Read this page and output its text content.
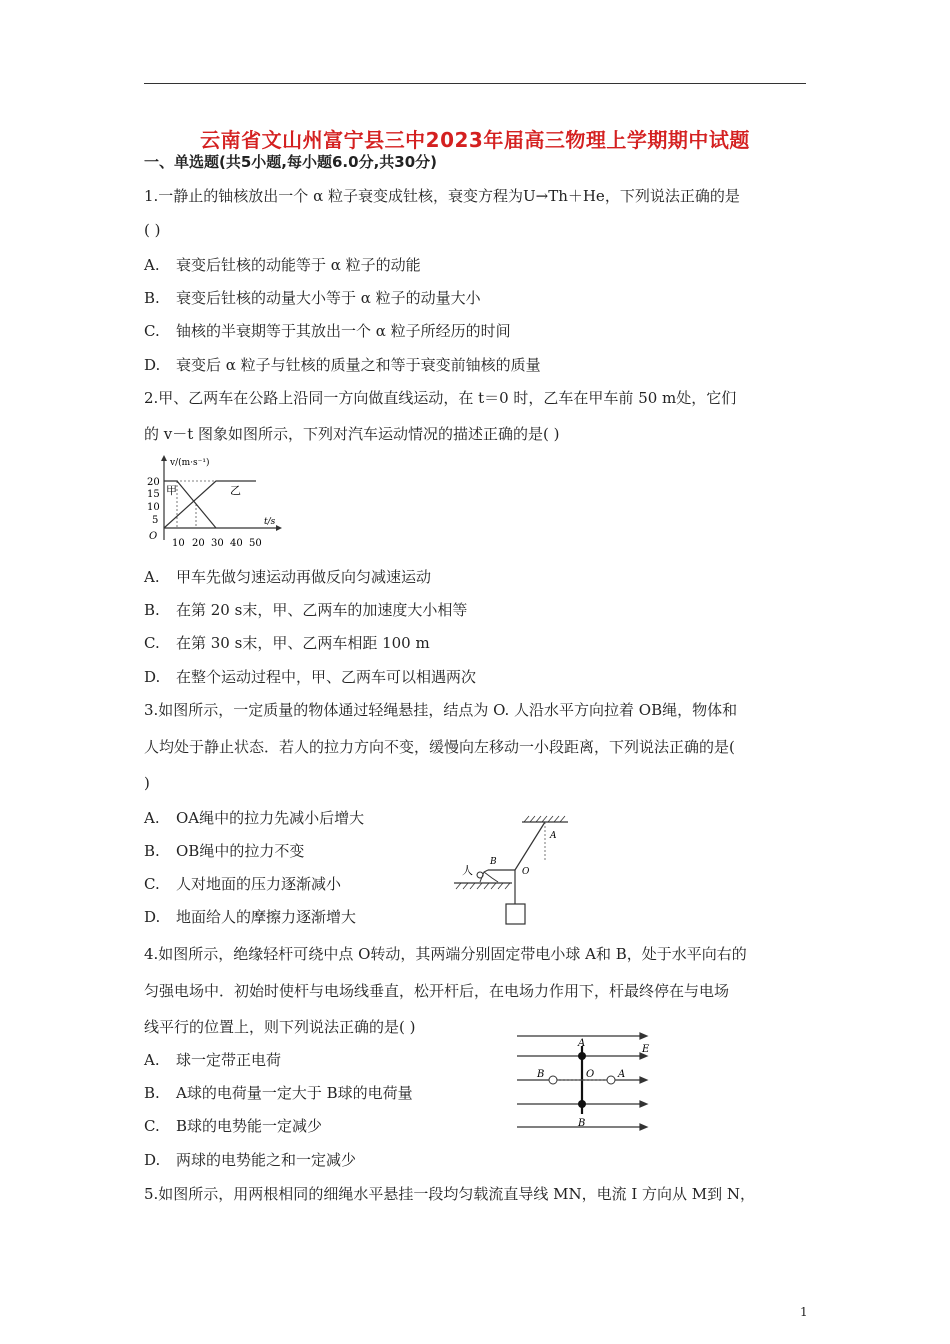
云南省文山州富宁县三中2023年届高三物理上学期期中试题
一、单选题(共5小题,每小题6.0分,共30分)
1.一静止的铀核放出一个 α 粒子衰变成钍核，衰变方程为U→Th＋He，下列说法正确的是
( )
A. 衰变后钍核的动能等于 α 粒子的动能
B. 衰变后钍核的动量大小等于 α 粒子的动量大小
C. 铀核的半衰期等于其放出一个 α 粒子所经历的时间
D. 衰变后 α 粒子与钍核的质量之和等于衰变前铀核的质量
2.甲、乙两车在公路上沿同一方向做直线运动，在 t＝0 时，乙车在甲车前 50 m处，它们
的 v－t 图象如图所示，下列对汽车运动情况的描述正确的是( )
v/(m·s⁻¹)
t/s
O
20
15
10
5
10 20 30 40 50
甲	乙
A. 甲车先做匀速运动再做反向匀减速运动
B. 在第 20 s末，甲、乙两车的加速度大小相等
C. 在第 30 s末，甲、乙两车相距 100 m
D. 在整个运动过程中，甲、乙两车可以相遇两次
3.如图所示，一定质量的物体通过轻绳悬挂，结点为 O. 人沿水平方向拉着 OB绳，物体和
人均处于静止状态．若人的拉力方向不变，缓慢向左移动一小段距离，下列说法正确的是(
)
A. OA绳中的拉力先减小后增大
B. OB绳中的拉力不变
C. 人对地面的压力逐渐减小
D. 地面给人的摩擦力逐渐增大
A
O
B
人
4.如图所示，绝缘轻杆可绕中点 O转动，其两端分别固定带电小球 A和 B，处于水平向右的
匀强电场中．初始时使杆与电场线垂直，松开杆后，在电场力作用下，杆最终停在与电场
线平行的位置上，则下列说法正确的是( )
A. 球一定带正电荷
B. A球的电荷量一定大于 B球的电荷量
C. B球的电势能一定减少
D. 两球的电势能之和一定减少
E
A
B
B	O A
5.如图所示，用两根相同的细绳水平悬挂一段均匀载流直导线 MN，电流 I 方向从 M到 N，
1
